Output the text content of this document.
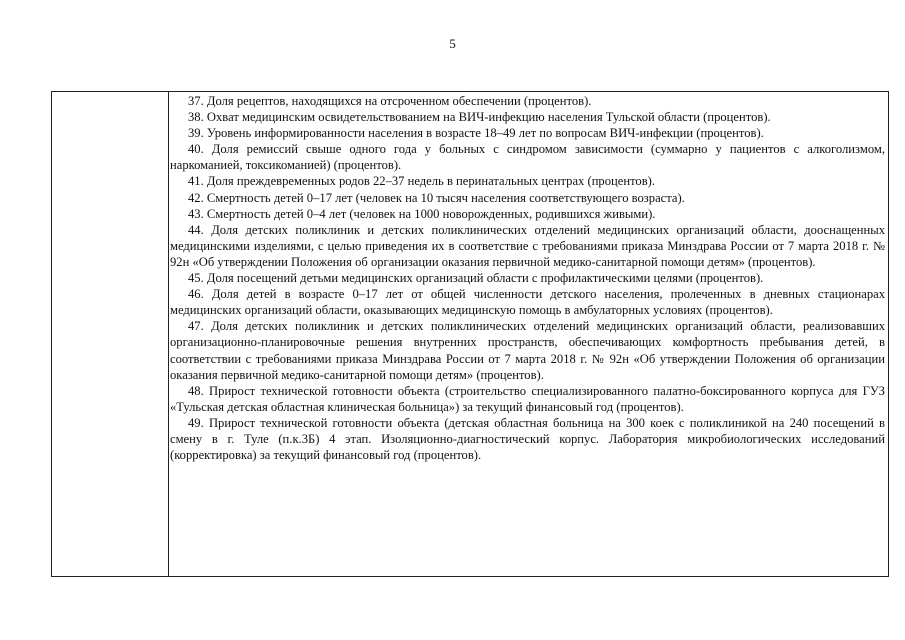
5

37. Доля рецептов, находящихся на отсроченном обеспечении (процентов).

38. Охват медицинским освидетельствованием на ВИЧ-инфекцию населения Тульской области (процентов).

39. Уровень информированности населения в возрасте 18–49 лет по вопросам ВИЧ-инфекции (процентов).

40. Доля ремиссий свыше одного года у больных с синдромом зависимости (суммарно у пациентов с алкоголизмом, наркоманией, токсикоманией) (процентов).

41. Доля преждевременных родов 22–37 недель в перинатальных центрах (процентов).

42. Смертность детей 0–17 лет (человек на 10 тысяч населения соответствующего возраста).

43. Смертность детей 0–4 лет (человек на 1000 новорожденных, родившихся живыми).

44. Доля детских поликлиник и детских поликлинических отделений медицинских организаций области, дооснащенных медицинскими изделиями, с целью приведения их в соответствие с требованиями приказа Минздрава России от 7 марта 2018 г. № 92н «Об утверждении Положения об организации оказания первичной медико-санитарной помощи детям» (процентов).

45. Доля посещений детьми медицинских организаций области с профилактическими целями (процентов).

46. Доля детей в возрасте 0–17 лет от общей численности детского населения, пролеченных в дневных стационарах медицинских организаций области, оказывающих медицинскую помощь в амбулаторных условиях (процентов).

47. Доля детских поликлиник и детских поликлинических отделений медицинских организаций области, реализовавших организационно-планировочные решения внутренних пространств, обеспечивающих комфортность пребывания детей, в соответствии с требованиями приказа Минздрава России от 7 марта 2018 г. № 92н «Об утверждении Положения об организации оказания первичной медико-санитарной помощи детям» (процентов).

48. Прирост технической готовности объекта (строительство специализированного палатно-боксированного корпуса для ГУЗ «Тульская детская областная клиническая больница») за текущий финансовый год (процентов).

49. Прирост технической готовности объекта (детская областная больница на 300 коек с поликлиникой на 240 посещений в смену в г. Туле (п.к.3Б) 4 этап. Изоляционно-диагностический корпус. Лаборатория микробиологических исследований (корректировка) за текущий финансовый год (процентов).
